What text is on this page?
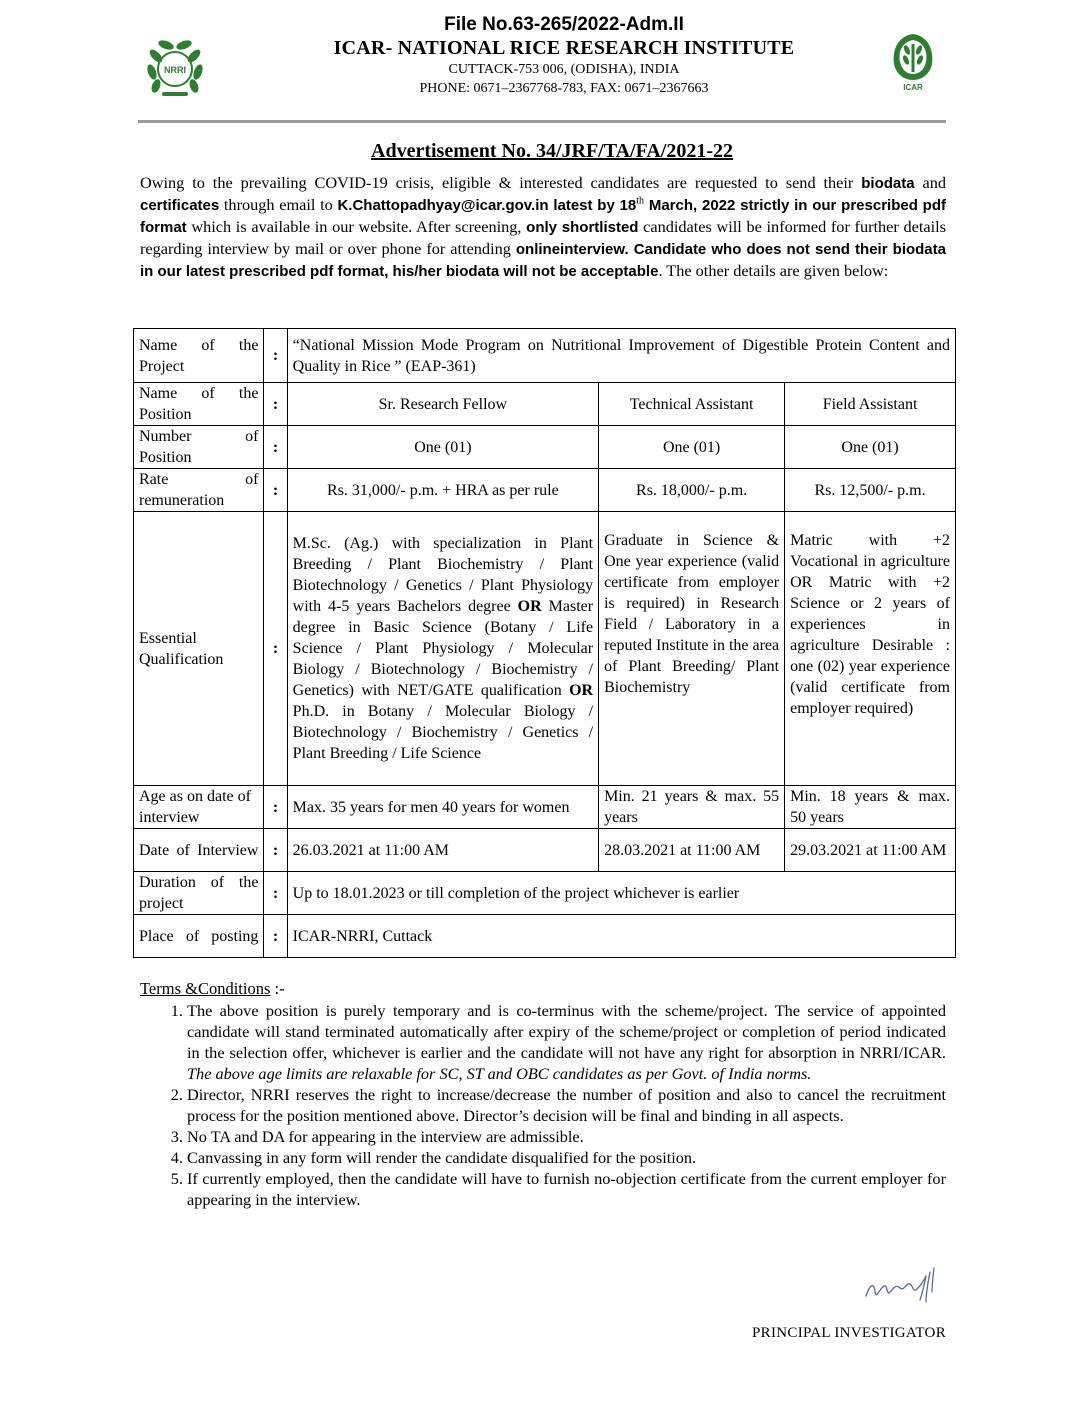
NRRI
ICAR
File No.63-265/2022-Adm.II
ICAR- NATIONAL RICE RESEARCH INSTITUTE
CUTTACK-753 006, (ODISHA), INDIA
PHONE: 0671–2367768-783, FAX: 0671–2367663
Advertisement No. 34/JRF/TA/FA/2021-22
Owing to the prevailing COVID-19 crisis, eligible & interested candidates are requested to send their biodata and certificates through email to K.Chattopadhyay@icar.gov.in latest by 18th March, 2022 strictly in our prescribed pdf format which is available in our website. After screening, only shortlisted candidates will be informed for further details regarding interview by mail or over phone for attending onlineinterview. Candidate who does not send their biodata in our latest prescribed pdf format, his/her biodata will not be acceptable. The other details are given below:
Name of the Project	:	“National Mission Mode Program on Nutritional Improvement of Digestible Protein Content and Quality in Rice ” (EAP-361)		
Name of the Position	:	Sr. Research Fellow	Technical Assistant	Field Assistant
Number of Position	:	One (01)	One (01)	One (01)
Rate of remuneration	:	Rs. 31,000/- p.m. + HRA as per rule	Rs. 18,000/- p.m.	Rs. 12,500/- p.m.

Essential Qualification	:	M.Sc. (Ag.) with specialization in Plant Breeding / Plant Biochemistry / Plant Biotechnology / Genetics / Plant Physiology with 4-5 years Bachelors degree OR Master degree in Basic Science (Botany / Life Science / Plant Physiology / Molecular Biology / Biotechnology / Biochemistry / Genetics) with NET/GATE qualification OR Ph.D. in Botany / Molecular Biology / Biotechnology / Biochemistry / Genetics / Plant Breeding / Life Science	Graduate in Science & One year experience (valid certificate from employer is required) in Research Field / Laboratory in a reputed Institute in the area of Plant Breeding/ Plant Biochemistry	Matric with +2 Vocational in agriculture OR Matric with +2 Science or 2 years of experiences in agriculture Desirable : one (02) year experience (valid certificate from employer required)

Age as on date of interview	:	Max. 35 years for men 40 years for women	Min. 21 years & max. 55 years	Min. 18 years & max. 50 years
Date of Interview	:	26.03.2021 at 11:00 AM	28.03.2021 at 11:00 AM	29.03.2021 at 11:00 AM
Duration of the project	:	Up to 18.01.2023 or till completion of the project whichever is earlier		
Place of posting	:	ICAR-NRRI, Cuttack		
Terms &Conditions :-
1. The above position is purely temporary and is co-terminus with the scheme/project. The service of appointed candidate will stand terminated automatically after expiry of the scheme/project or completion of period indicated in the selection offer, whichever is earlier and the candidate will not have any right for absorption in NRRI/ICAR. The above age limits are relaxable for SC, ST and OBC candidates as per Govt. of India norms.
2. Director, NRRI reserves the right to increase/decrease the number of position and also to cancel the recruitment process for the position mentioned above. Director’s decision will be final and binding in all aspects.
3. No TA and DA for appearing in the interview are admissible.
4. Canvassing in any form will render the candidate disqualified for the position.
5. If currently employed, then the candidate will have to furnish no-objection certificate from the current employer for appearing in the interview.
PRINCIPAL INVESTIGATOR
